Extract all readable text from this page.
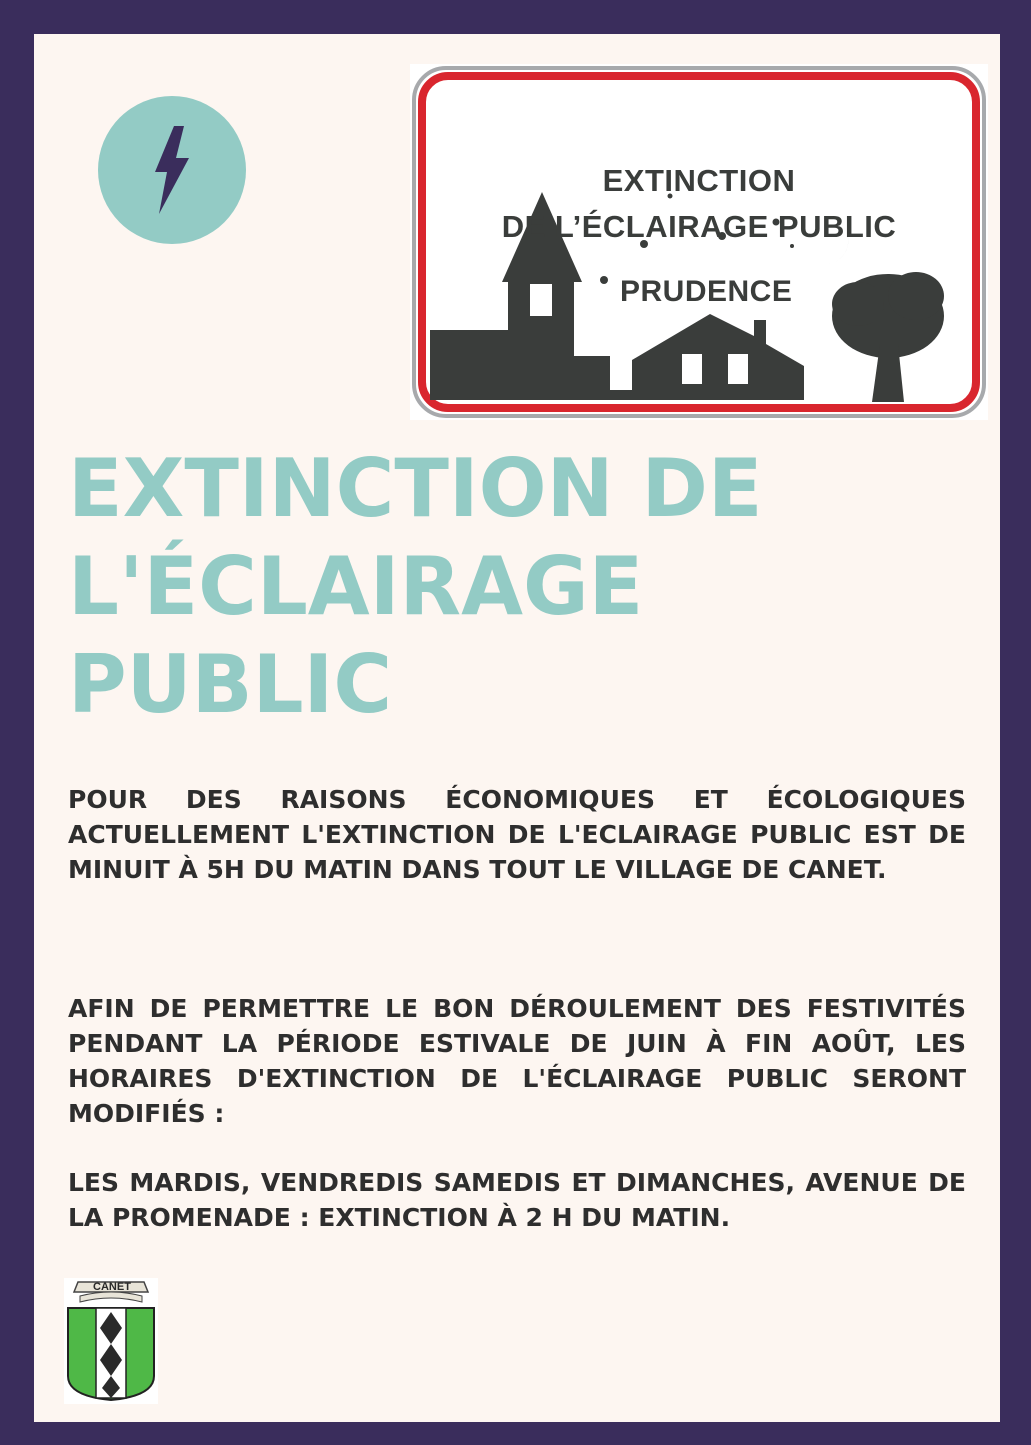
EXTINCTION
DE L’ÉCLAIRAGE PUBLIC
PRUDENCE
EXTINCTION DE
L'ÉCLAIRAGE
PUBLIC
POUR DES RAISONS ÉCONOMIQUES ET ÉCOLOGIQUES ACTUELLEMENT L'EXTINCTION DE L'ECLAIRAGE PUBLIC EST DE MINUIT À 5H DU MATIN DANS TOUT LE VILLAGE DE CANET.
AFIN DE PERMETTRE LE BON DÉROULEMENT DES FESTIVITÉS PENDANT LA PÉRIODE ESTIVALE DE JUIN À FIN AOÛT, LES HORAIRES D'EXTINCTION DE L'ÉCLAIRAGE PUBLIC SERONT MODIFIÉS :
LES MARDIS, VENDREDIS SAMEDIS ET DIMANCHES, AVENUE DE LA PROMENADE : EXTINCTION À 2 H DU MATIN.
CANET
